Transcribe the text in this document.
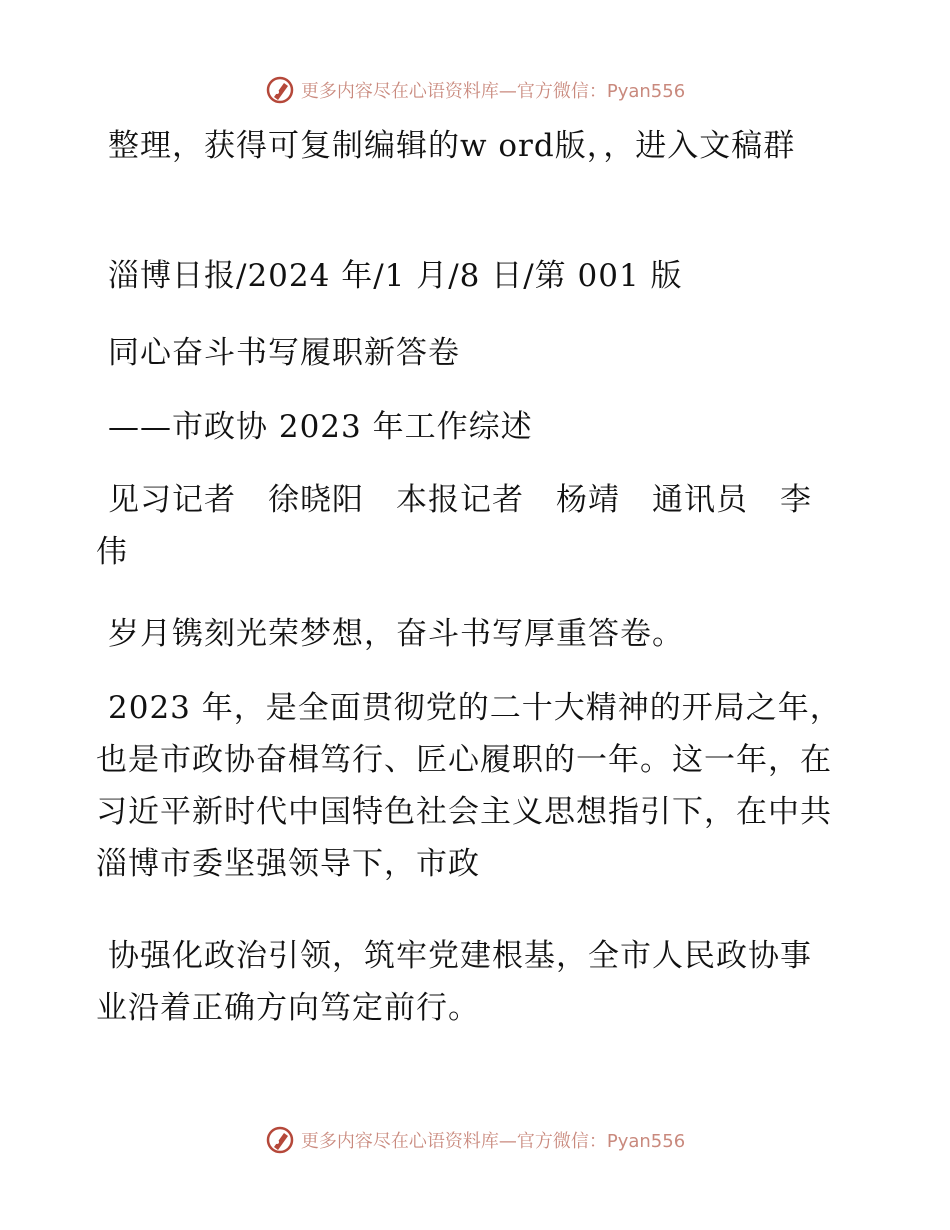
更多内容尽在心语资料库—官方微信：Pyan556

整理，获得可复制编辑的w ord版，，进入文稿群

淄博日报/2024 年/1 月/8 日/第 001 版

同心奋斗书写履职新答卷

——市政协 2023 年工作综述

见习记者　徐晓阳　本报记者　杨靖　通讯员　李伟

岁月镌刻光荣梦想，奋斗书写厚重答卷。

2023 年，是全面贯彻党的二十大精神的开局之年，也是市政协奋楫笃行、匠心履职的一年。这一年，在习近平新时代中国特色社会主义思想指引下，在中共淄博市委坚强领导下，市政

协强化政治引领，筑牢党建根基，全市人民政协事业沿着正确方向笃定前行。

更多内容尽在心语资料库—官方微信：Pyan556
